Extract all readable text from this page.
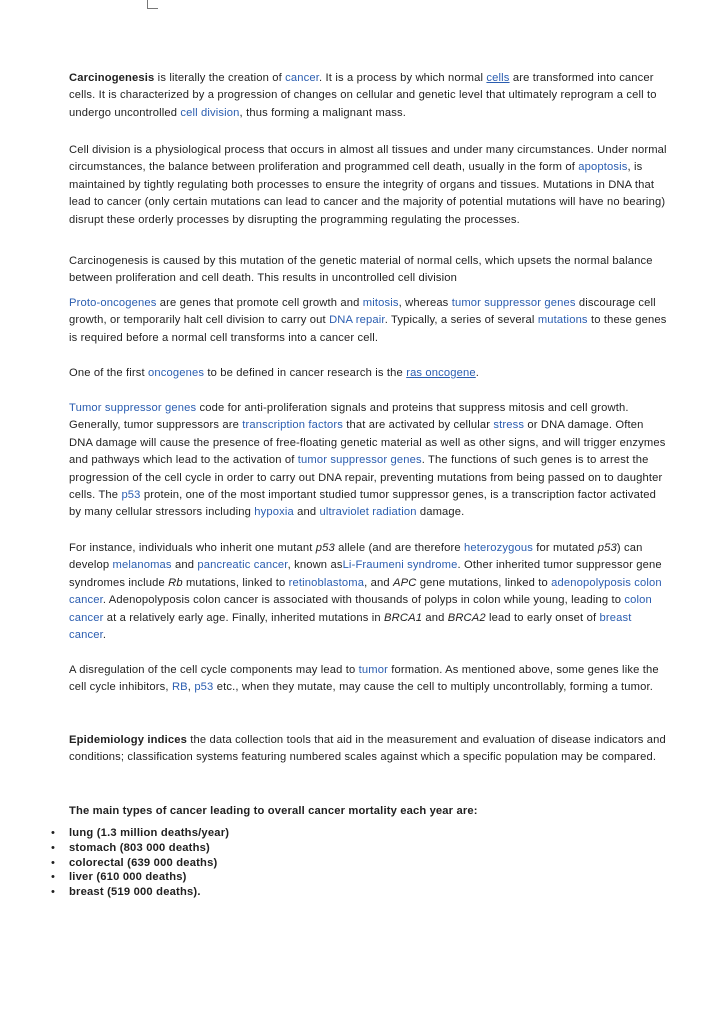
Carcinogenesis is literally the creation of cancer. It is a process by which normal cells are transformed into cancer cells. It is characterized by a progression of changes on cellular and genetic level that ultimately reprogram a cell to undergo uncontrolled cell division, thus forming a malignant mass.

Cell division is a physiological process that occurs in almost all tissues and under many circumstances. Under normal circumstances, the balance between proliferation and programmed cell death, usually in the form of apoptosis, is maintained by tightly regulating both processes to ensure the integrity of organs and tissues. Mutations in DNA that lead to cancer (only certain mutations can lead to cancer and the majority of potential mutations will have no bearing) disrupt these orderly processes by disrupting the programming regulating the processes.

Carcinogenesis is caused by this mutation of the genetic material of normal cells, which upsets the normal balance between proliferation and cell death. This results in uncontrolled cell division

Proto-oncogenes are genes that promote cell growth and mitosis, whereas tumor suppressor genes discourage cell growth, or temporarily halt cell division to carry out DNA repair. Typically, a series of several mutations to these genes is required before a normal cell transforms into a cancer cell.

One of the first oncogenes to be defined in cancer research is the ras oncogene.

Tumor suppressor genes code for anti-proliferation signals and proteins that suppress mitosis and cell growth. Generally, tumor suppressors are transcription factors that are activated by cellular stress or DNA damage. Often DNA damage will cause the presence of free-floating genetic material as well as other signs, and will trigger enzymes and pathways which lead to the activation of tumor suppressor genes. The functions of such genes is to arrest the progression of the cell cycle in order to carry out DNA repair, preventing mutations from being passed on to daughter cells. The p53 protein, one of the most important studied tumor suppressor genes, is a transcription factor activated by many cellular stressors including hypoxia and ultraviolet radiation damage.

For instance, individuals who inherit one mutant p53 allele (and are therefore heterozygous for mutated p53) can develop melanomas and pancreatic cancer, known asLi-Fraumeni syndrome. Other inherited tumor suppressor gene syndromes include Rb mutations, linked to retinoblastoma, and APC gene mutations, linked to adenopolyposis colon cancer. Adenopolyposis colon cancer is associated with thousands of polyps in colon while young, leading to colon cancer at a relatively early age. Finally, inherited mutations in BRCA1 and BRCA2 lead to early onset of breast cancer.

A disregulation of the cell cycle components may lead to tumor formation. As mentioned above, some genes like the cell cycle inhibitors, RB, p53 etc., when they mutate, may cause the cell to multiply uncontrollably, forming a tumor.

Epidemiology indices the data collection tools that aid in the measurement and evaluation of disease indicators and conditions; classification systems featuring numbered scales against which a specific population may be compared.

The main types of cancer leading to overall cancer mortality each year are:

• lung (1.3 million deaths/year)
• stomach (803 000 deaths)
• colorectal (639 000 deaths)
• liver (610 000 deaths)
• breast (519 000 deaths).
